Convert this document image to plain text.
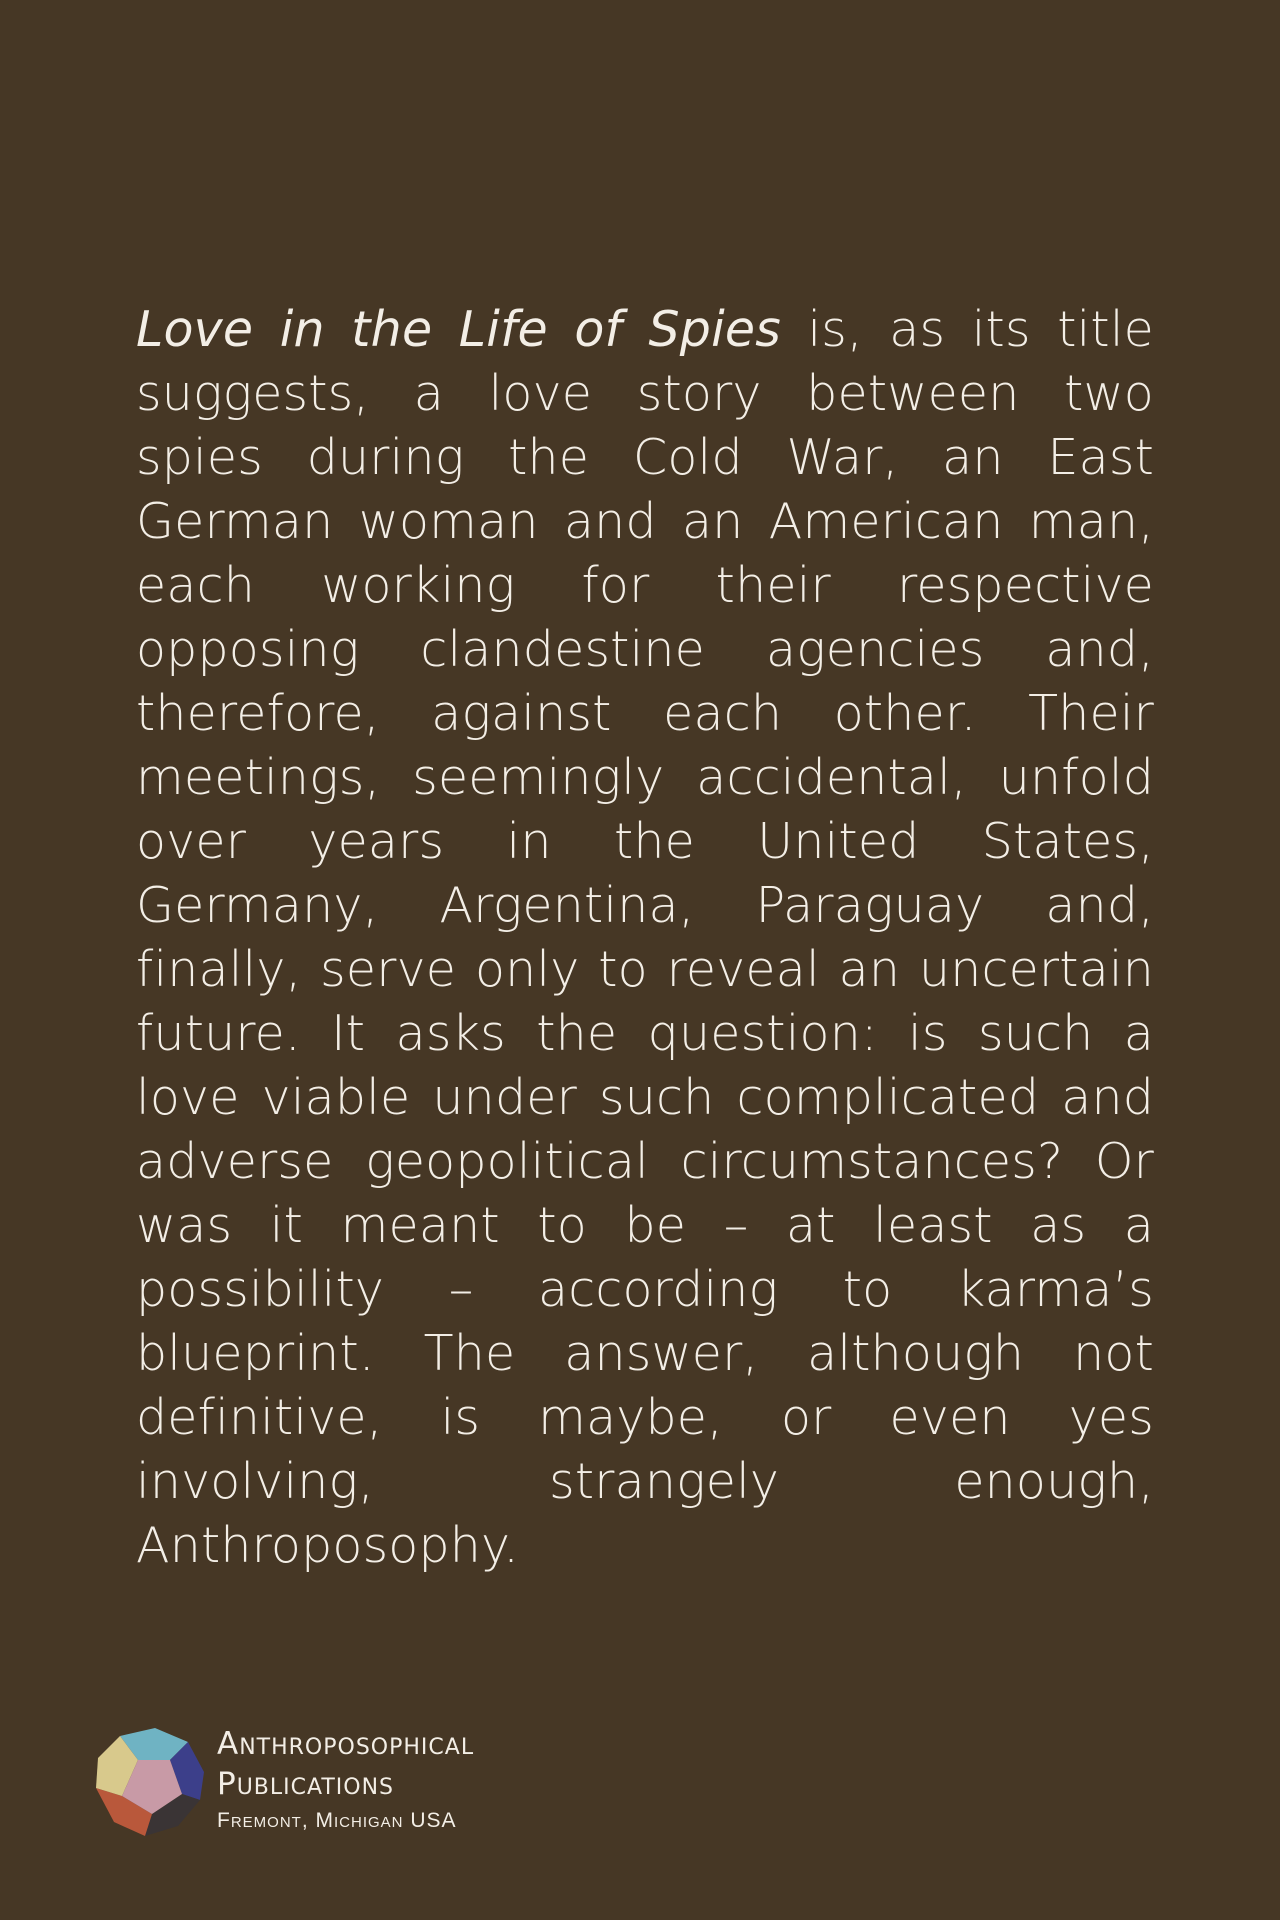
Love in the Life of Spies is, as its title suggests, a love story between two spies during the Cold War, an East German woman and an American man, each working for their respective opposing clandestine agencies and, therefore, against each other. Their meetings, seemingly accidental, unfold over years in the United States, Germany, Argentina, Paraguay and, finally, serve only to reveal an uncertain future. It asks the question: is such a love viable under such complicated and adverse geopolitical circumstances? Or was it meant to be – at least as a possibility – according to karma’s blueprint. The answer, although not definitive, is maybe, or even yes involving, strangely enough, Anthroposophy.
Anthroposophical
Publications
Fremont, Michigan USA
